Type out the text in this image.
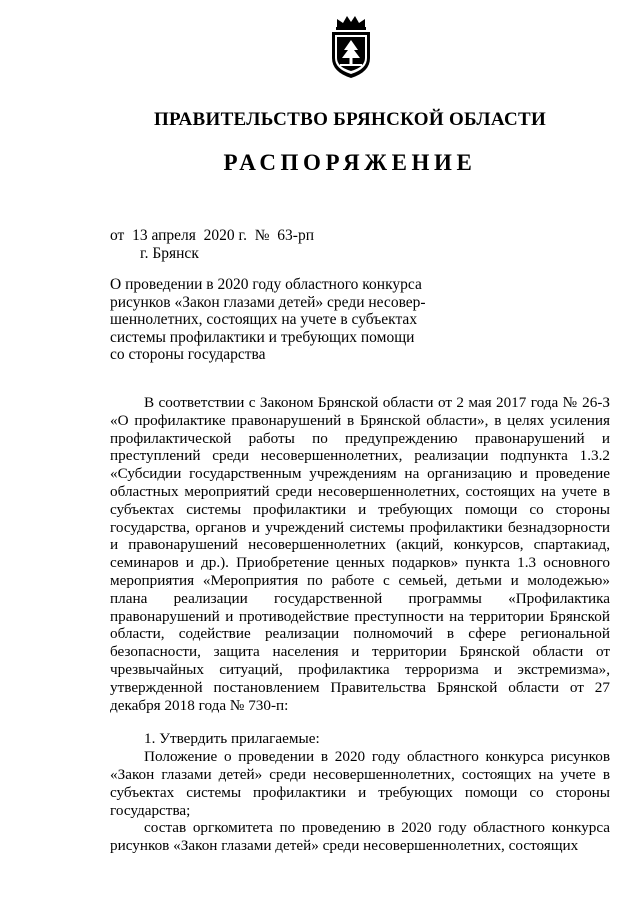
ПРАВИТЕЛЬСТВО БРЯНСКОЙ ОБЛАСТИ
РАСПОРЯЖЕНИЕ
от  13 апреля  2020 г.  №  63-рп
г. Брянск
О проведении в 2020 году областного конкурса
рисунков «Закон глазами детей» среди несовер-
шеннолетних, состоящих на учете в субъектах
системы профилактики и требующих помощи
со стороны государства

В соответствии с Законом Брянской области от 2 мая 2017 года № 26-З «О профилактике правонарушений в Брянской области», в целях усиления профилактической работы по предупреждению правонарушений и преступлений среди несовершеннолетних, реализации подпункта 1.3.2 «Субсидии государственным учреждениям на организацию и проведение областных мероприятий среди несовершеннолетних, состоящих на учете в субъектах системы профилактики и требующих помощи со стороны государства, органов и учреждений системы профилактики безнадзорности и правонарушений несовершеннолетних (акций, конкурсов, спартакиад, семинаров и др.). Приобретение ценных подарков» пункта 1.3 основного мероприятия «Мероприятия по работе с семьей, детьми и молодежью» плана реализации государственной программы «Профилактика правонарушений и противодействие преступности на территории Брянской области, содействие реализации полномочий в сфере региональной безопасности, защита населения и территории Брянской области от чрезвычайных ситуаций, профилактика терроризма и экстремизма», утвержденной постановлением Правительства Брянской области от 27 декабря 2018 года № 730-п:

1. Утвердить прилагаемые:

Положение о проведении в 2020 году областного конкурса рисунков «Закон глазами детей» среди несовершеннолетних, состоящих на учете в субъектах системы профилактики и требующих помощи со стороны государства;

состав оргкомитета по проведению в 2020 году областного конкурса рисунков «Закон глазами детей» среди несовершеннолетних, состоящих
